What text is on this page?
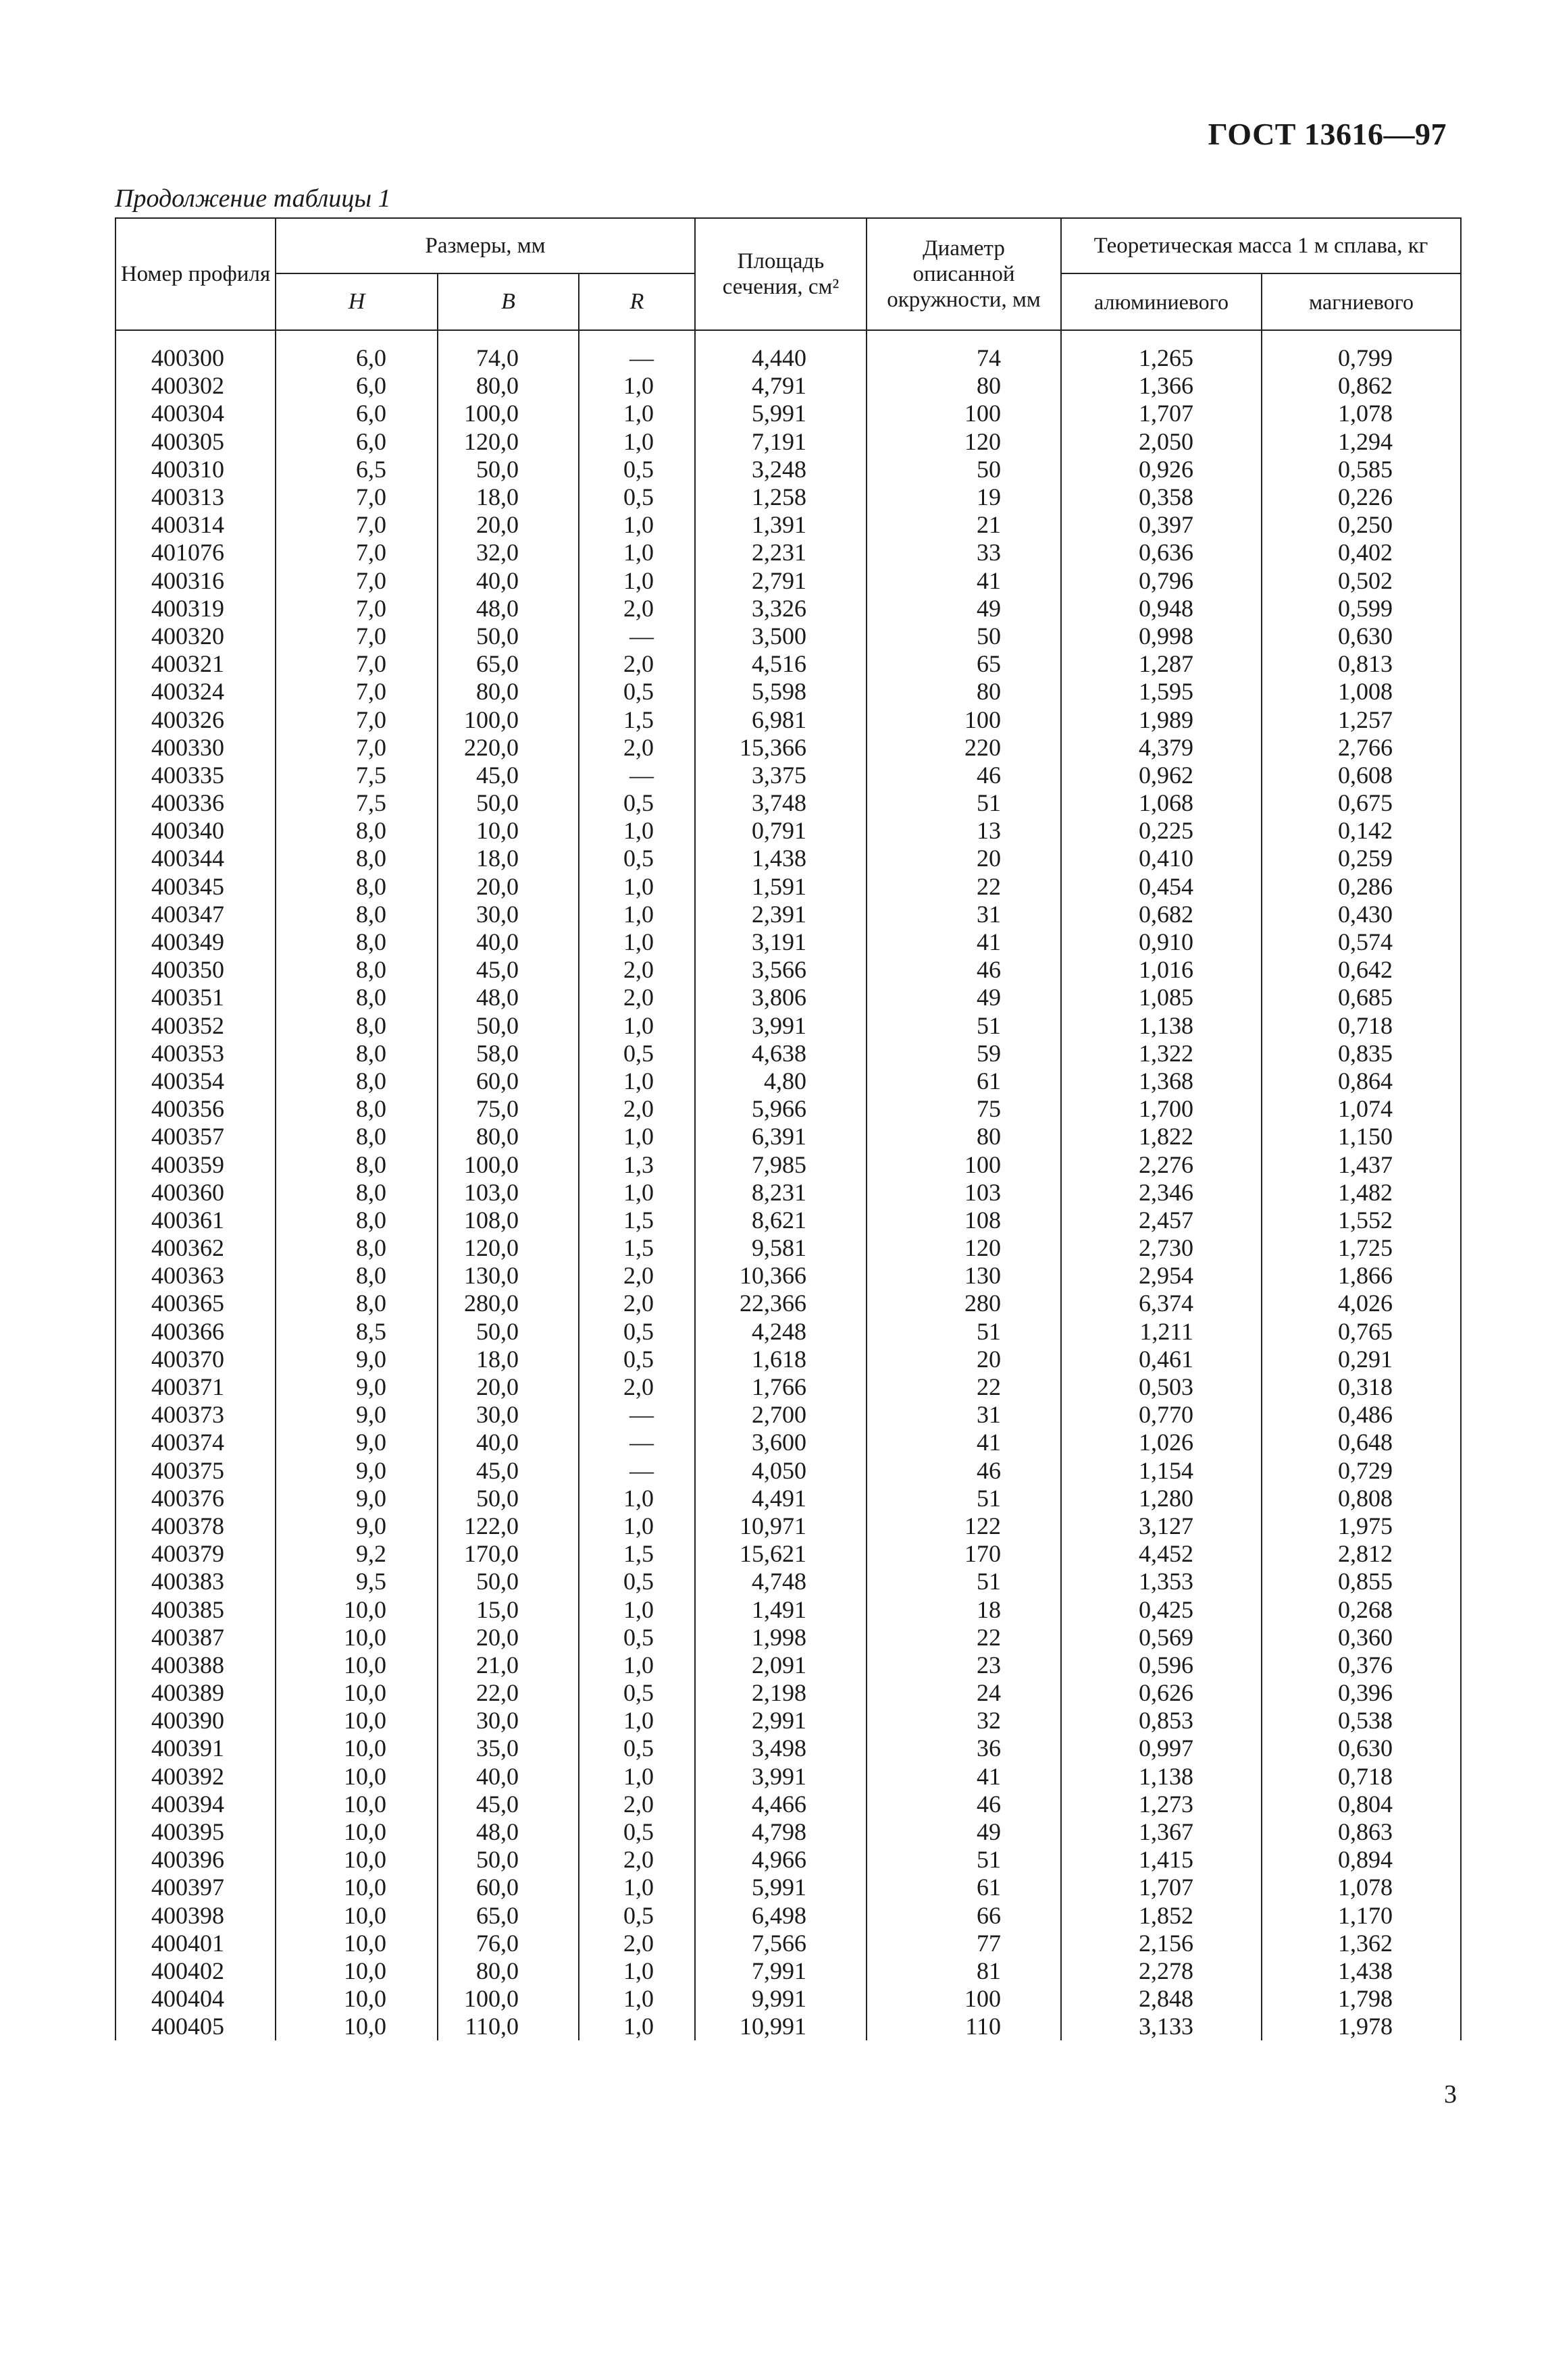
ГОСТ 13616—97
Продолжение таблицы 1
Номер профиля	Размеры, мм			Площадь сечения, см²	Диаметр описанной окружности, мм	Теоретическая масса 1 м сплава, кг	
	H	B	R			алюминиевого	магниевого

400300	6,0	74,0	—	4,440	74	1,265	0,799
400302	6,0	80,0	1,0	4,791	80	1,366	0,862
400304	6,0	100,0	1,0	5,991	100	1,707	1,078
400305	6,0	120,0	1,0	7,191	120	2,050	1,294
400310	6,5	50,0	0,5	3,248	50	0,926	0,585
400313	7,0	18,0	0,5	1,258	19	0,358	0,226
400314	7,0	20,0	1,0	1,391	21	0,397	0,250
401076	7,0	32,0	1,0	2,231	33	0,636	0,402
400316	7,0	40,0	1,0	2,791	41	0,796	0,502
400319	7,0	48,0	2,0	3,326	49	0,948	0,599
400320	7,0	50,0	—	3,500	50	0,998	0,630
400321	7,0	65,0	2,0	4,516	65	1,287	0,813
400324	7,0	80,0	0,5	5,598	80	1,595	1,008
400326	7,0	100,0	1,5	6,981	100	1,989	1,257
400330	7,0	220,0	2,0	15,366	220	4,379	2,766
400335	7,5	45,0	—	3,375	46	0,962	0,608
400336	7,5	50,0	0,5	3,748	51	1,068	0,675
400340	8,0	10,0	1,0	0,791	13	0,225	0,142
400344	8,0	18,0	0,5	1,438	20	0,410	0,259
400345	8,0	20,0	1,0	1,591	22	0,454	0,286
400347	8,0	30,0	1,0	2,391	31	0,682	0,430
400349	8,0	40,0	1,0	3,191	41	0,910	0,574
400350	8,0	45,0	2,0	3,566	46	1,016	0,642
400351	8,0	48,0	2,0	3,806	49	1,085	0,685
400352	8,0	50,0	1,0	3,991	51	1,138	0,718
400353	8,0	58,0	0,5	4,638	59	1,322	0,835
400354	8,0	60,0	1,0	4,80	61	1,368	0,864
400356	8,0	75,0	2,0	5,966	75	1,700	1,074
400357	8,0	80,0	1,0	6,391	80	1,822	1,150
400359	8,0	100,0	1,3	7,985	100	2,276	1,437
400360	8,0	103,0	1,0	8,231	103	2,346	1,482
400361	8,0	108,0	1,5	8,621	108	2,457	1,552
400362	8,0	120,0	1,5	9,581	120	2,730	1,725
400363	8,0	130,0	2,0	10,366	130	2,954	1,866
400365	8,0	280,0	2,0	22,366	280	6,374	4,026
400366	8,5	50,0	0,5	4,248	51	1,211	0,765
400370	9,0	18,0	0,5	1,618	20	0,461	0,291
400371	9,0	20,0	2,0	1,766	22	0,503	0,318
400373	9,0	30,0	—	2,700	31	0,770	0,486
400374	9,0	40,0	—	3,600	41	1,026	0,648
400375	9,0	45,0	—	4,050	46	1,154	0,729
400376	9,0	50,0	1,0	4,491	51	1,280	0,808
400378	9,0	122,0	1,0	10,971	122	3,127	1,975
400379	9,2	170,0	1,5	15,621	170	4,452	2,812
400383	9,5	50,0	0,5	4,748	51	1,353	0,855
400385	10,0	15,0	1,0	1,491	18	0,425	0,268
400387	10,0	20,0	0,5	1,998	22	0,569	0,360
400388	10,0	21,0	1,0	2,091	23	0,596	0,376
400389	10,0	22,0	0,5	2,198	24	0,626	0,396
400390	10,0	30,0	1,0	2,991	32	0,853	0,538
400391	10,0	35,0	0,5	3,498	36	0,997	0,630
400392	10,0	40,0	1,0	3,991	41	1,138	0,718
400394	10,0	45,0	2,0	4,466	46	1,273	0,804
400395	10,0	48,0	0,5	4,798	49	1,367	0,863
400396	10,0	50,0	2,0	4,966	51	1,415	0,894
400397	10,0	60,0	1,0	5,991	61	1,707	1,078
400398	10,0	65,0	0,5	6,498	66	1,852	1,170
400401	10,0	76,0	2,0	7,566	77	2,156	1,362
400402	10,0	80,0	1,0	7,991	81	2,278	1,438
400404	10,0	100,0	1,0	9,991	100	2,848	1,798
400405	10,0	110,0	1,0	10,991	110	3,133	1,978
3
